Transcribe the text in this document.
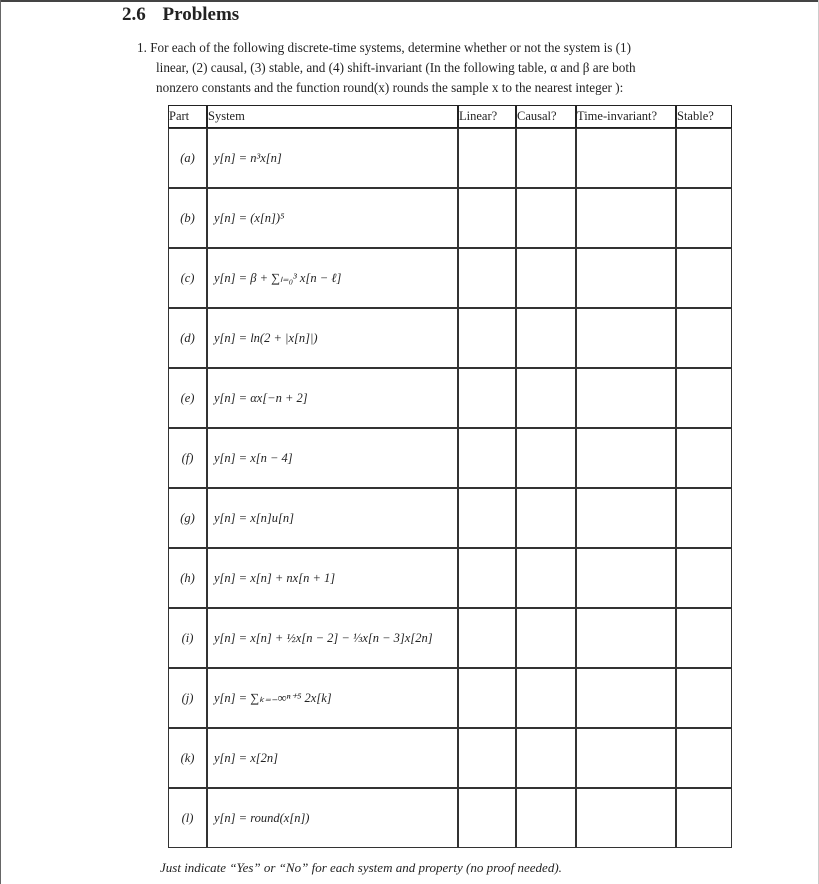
2.6 Problems
1. For each of the following discrete-time systems, determine whether or not the system is (1)
linear, (2) causal, (3) stable, and (4) shift-invariant (In the following table, α and β are both
nonzero constants and the function round(x) rounds the sample x to the nearest integer ):
Part	System	Linear?	Causal?	Time-invariant?	Stable?
(a)	y[n] = n³x[n]				
(b)	y[n] = (x[n])⁵				
(c)	y[n] = β + ∑ₗ₌₀³ x[n − ℓ]				
(d)	y[n] = ln(2 + |x[n]|)				
(e)	y[n] = αx[−n + 2]				
(f)	y[n] = x[n − 4]				
(g)	y[n] = x[n]u[n]				
(h)	y[n] = x[n] + nx[n + 1]				
(i)	y[n] = x[n] + ½x[n − 2] − ⅓x[n − 3]x[2n]				
(j)	y[n] = ∑ₖ₌₋∞ⁿ⁺⁵ 2x[k]				
(k)	y[n] = x[2n]				
(l)	y[n] = round(x[n])				
Just indicate “Yes” or “No” for each system and property (no proof needed).
